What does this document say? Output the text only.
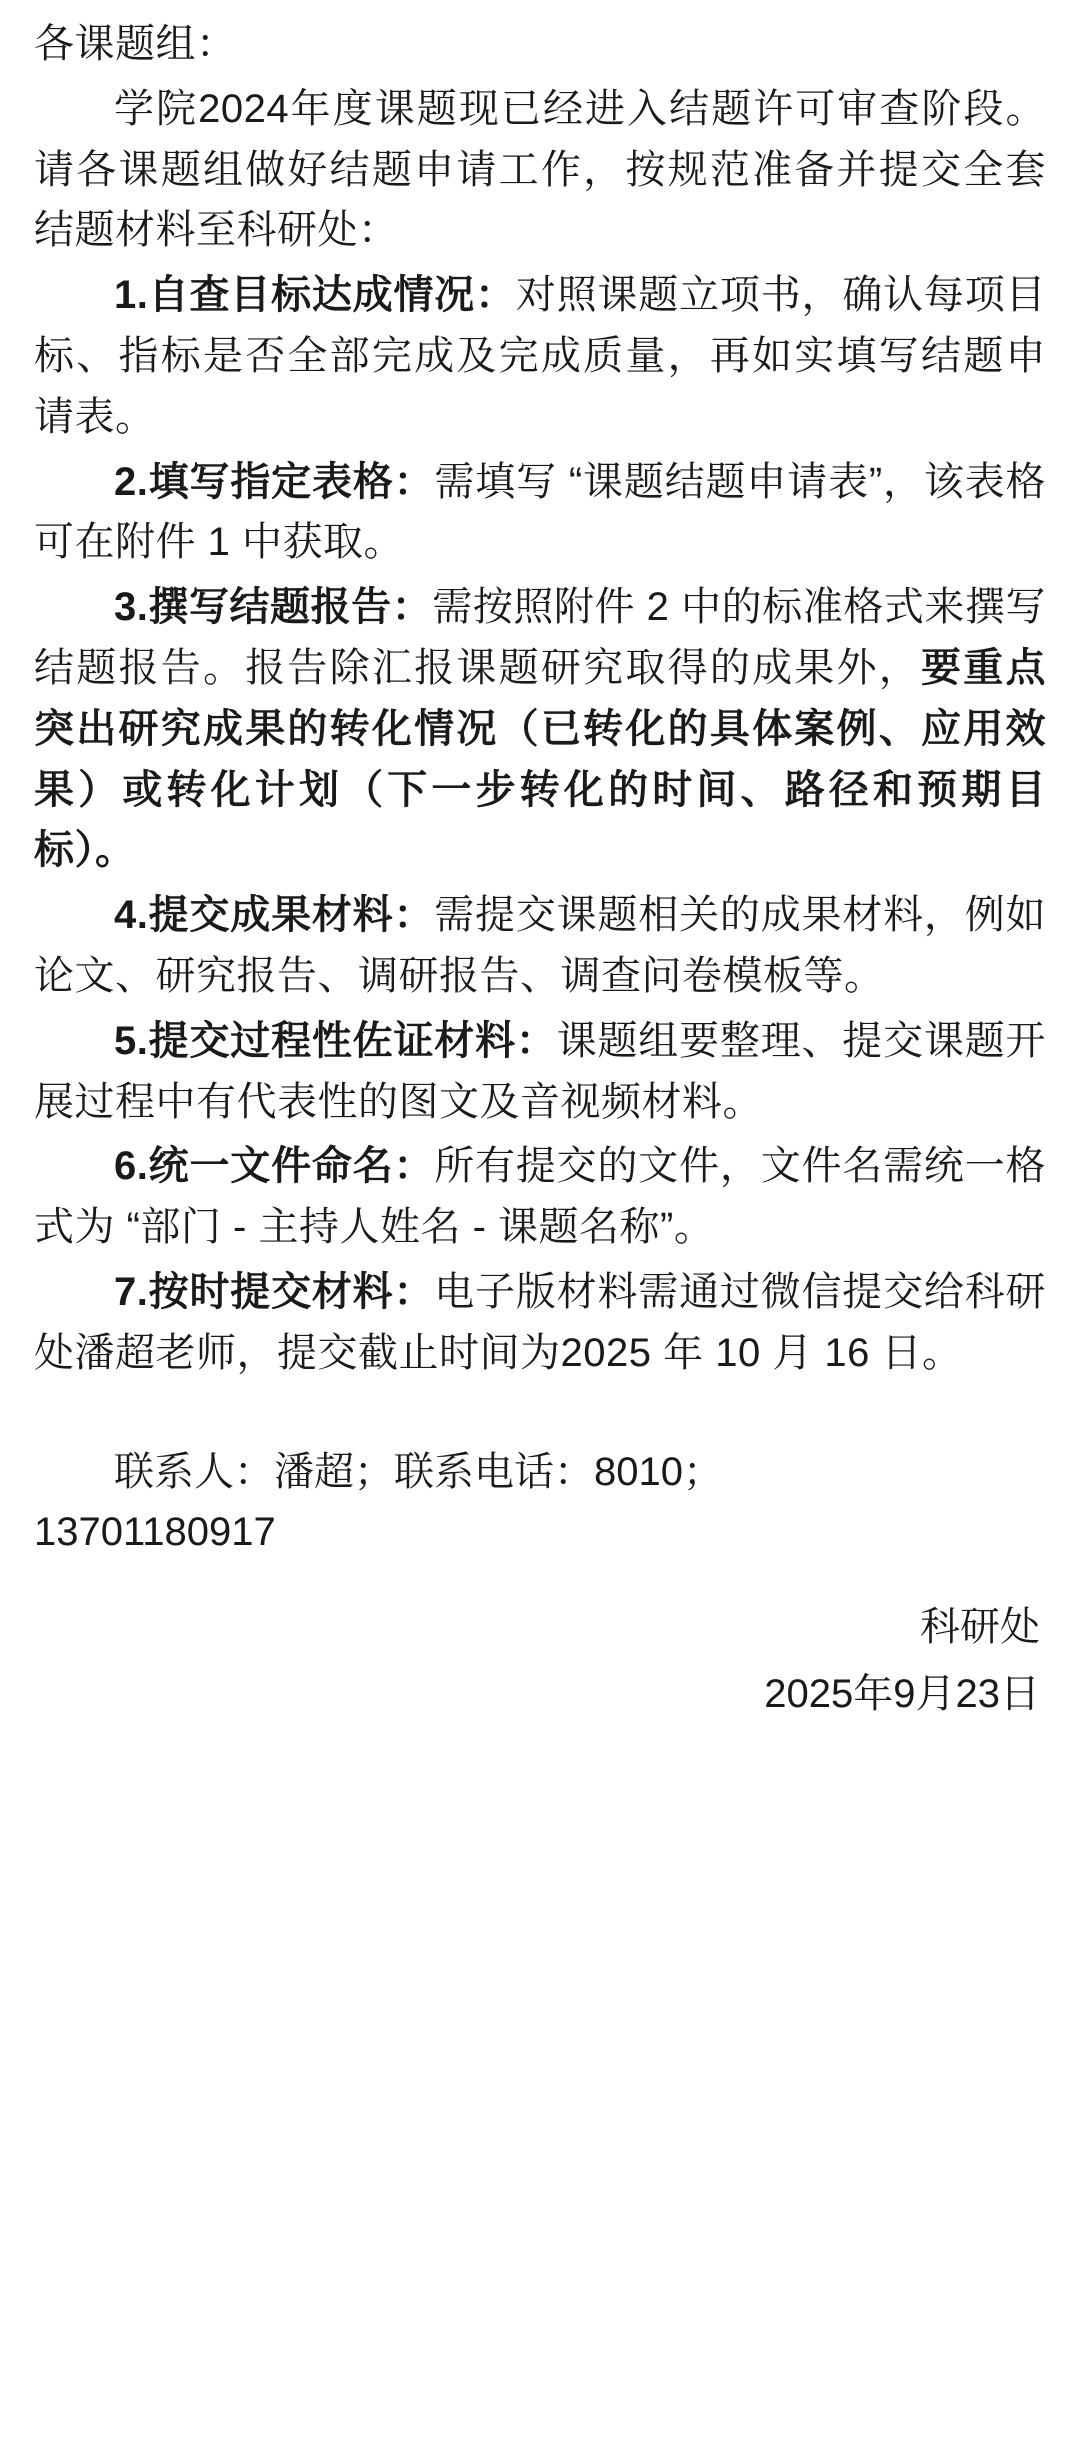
各课题组：

学院2024年度课题现已经进入结题许可审查阶段。请各课题组做好结题申请工作，按规范准备并提交全套结题材料至科研处：

1.自查目标达成情况：对照课题立项书，确认每项目标、指标是否全部完成及完成质量，再如实填写结题申请表。

2.填写指定表格：需填写 “课题结题申请表”，该表格可在附件 1 中获取。

3.撰写结题报告：需按照附件 2 中的标准格式来撰写结题报告。报告除汇报课题研究取得的成果外，要重点突出研究成果的转化情况（已转化的具体案例、应用效果）或转化计划（下一步转化的时间、路径和预期目标）。

4.提交成果材料：需提交课题相关的成果材料，例如论文、研究报告、调研报告、调查问卷模板等。

5.提交过程性佐证材料：课题组要整理、提交课题开展过程中有代表性的图文及音视频材料。

6.统一文件命名：所有提交的文件，文件名需统一格式为 “部门 - 主持人姓名 - 课题名称”。

7.按时提交材料：电子版材料需通过微信提交给科研处潘超老师，提交截止时间为2025 年 10 月 16 日。

联系人：潘超；联系电话：8010；

13701180917

科研处

2025年9月23日
